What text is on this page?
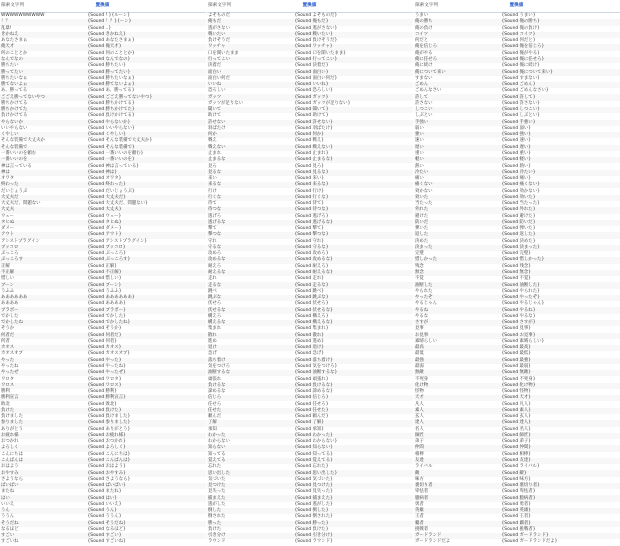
探索文字列	置換値
WWWWWWWWWW	{Sound ! }{ルーン}
！？	{Sound ！？}{ーン}
乱暴!	{Sound ..}
きかねえ	{Sound きかねえ}
あなたさまぁ	{Sound あなたさまぁ}
俺天才	{Sound 俺天才}
何のこととか	{Sound 何のこととか}
なんでなの	{Sound なんでなの}
勝ちたい	{Sound 勝ちたい}
勝ってたい	{Sound 勝ってたい}
勝ちたいなぁ	{Sound 勝ちたいなぁ}
勝てないよぉ	{Sound 勝てないよぉ}
あ、勝ってる	{Sound あ、勝ってる}
ごごえ勝ってないやつ	{Sound ごごえ勝ってないやつ}
勝ちかけてる	{Sound 勝ちかけてる}
勝ちかけてた	{Sound 勝ちかけてた}
負けかけてる	{Sound 負けかけてる}
やらないか	{Sound やらないか}
いいやらない	{Sound いいやらない}
くやしい	{Sound くやしい}
そんな装備で大丈夫か	{Sound そんな装備で大丈夫か}
そんな装備で	{Sound そんな装備で}
一番いいのを頼む	{Sound 一番いいのを頼む}
一番いいのを	{Sound 一番いいのを}
神は言っている	{Sound 神は言っている}
神は	{Sound 神は}
オワタ	{Sound オワタ}
終わった	{Sound 終わった}
だいじょうぶ	{Sound だいじょうぶ}
大丈夫だ	{Sound 大丈夫だ}
大丈夫だ、問題ない	{Sound 大丈夫だ、問題ない}
大丈夫	{Sound 大丈夫}
ウェー	{Sound ウェー}
タヒぬ	{Sound タヒぬ}
ダメー	{Sound ダメー}
アウト	{Sound アウト}
アシストプラグイン	{Sound アシストプラグイン}
ブッコロ	{Sound ブッコロ}
ぶっころ	{Sound ぶっころ}
ぶっころす	{Sound ぶっころす}
正解	{Sound 正解}
不正解	{Sound 不正解}
惜しい	{Sound 惜しい}
ブーン	{Sound ブーン}
うふふ	{Sound うふふ}
ああああああ	{Sound ああああああ}
ああああ	{Sound ああああ}
ブラボー	{Sound ブラボー}
でかした	{Sound でかした}
でかしたね	{Sound でかしたね}
そうか	{Sound そうか}
何者だ	{Sound 何者だ}
何者	{Sound 何者}
カオス	{Sound カオス}
カオスオブ	{Sound カオスオブ}
やった	{Sound やった}
やったね	{Sound やったね}
やったぜ	{Sound やったぜ}
ワロタ	{Sound ワロタ}
ワロス	{Sound ワロス}
勝利	{Sound 勝利}
勝利宣言	{Sound 勝利宣言}
敗北	{Sound 敗北}
負けた	{Sound 負けた}
負けました	{Sound 負けました}
参りました	{Sound 参りました}
ありがとう	{Sound ありがとう}
お疲れ様	{Sound お疲れ様}
おつかれ	{Sound おつかれ}
よろしく	{Sound よろしく}
こんにちは	{Sound こんにちは}
こんばんは	{Sound こんばんは}
おはよう	{Sound おはよう}
おやすみ	{Sound おやすみ}
さようなら	{Sound さようなら}
ばいばい	{Sound ばいばい}
またね	{Sound またね}
はい	{Sound はい}
いいえ	{Sound いいえ}
うん	{Sound うん}
ううん	{Sound ううん}
そうだね	{Sound そうだね}
なるほど	{Sound なるほど}
すごい	{Sound すごい}
すごいね	{Sound すごいね}
探索文字列	置換値
よそものだ	{Sound よそものだ}
俺もだ	{Sound 俺もだ}
逃がさない	{Sound 逃がさない}
戦いたい	{Sound 戦いたい}
負けそうだ	{Sound 負けそうだ}
ワッチャ	{Sound ワッチャ}
口を開いたまま	{Sound 口を開いたまま}
行ってこい	{Sound 行ってこい}
決着だ	{Sound 決着だ}
面白い	{Sound 面白い}
面白い何だ	{Sound 面白い何だ}
いいね	{Sound いいね}
恐ろしい	{Sound 恐ろしい}
ガッツ	{Sound ガッツ}
ガッツが足りない	{Sound ガッツが足りない}
聞いて	{Sound 聞いて}
助けて	{Sound 助けて}
許せない	{Sound 許せない}
羽ばたけ	{Sound 羽ばたけ}
何か	{Sound 何か}
戦え	{Sound 戦え}
戦えない	{Sound 戦えない}
止まれ	{Sound 止まれ}
止まるな	{Sound 止まるな}
見ろ	{Sound 見ろ}
見るな	{Sound 見るな}
来い	{Sound 来い}
来るな	{Sound 来るな}
行け	{Sound 行け}
行くな	{Sound 行くな}
待て	{Sound 待て}
待つな	{Sound 待つな}
逃げろ	{Sound 逃げろ}
逃げるな	{Sound 逃げるな}
撃て	{Sound 撃て}
撃つな	{Sound 撃つな}
守れ	{Sound 守れ}
守るな	{Sound 守るな}
攻めろ	{Sound 攻めろ}
攻めるな	{Sound 攻めるな}
耐えろ	{Sound 耐えろ}
耐えるな	{Sound 耐えるな}
走れ	{Sound 走れ}
走るな	{Sound 走るな}
跳べ	{Sound 跳べ}
跳ぶな	{Sound 跳ぶな}
伏せろ	{Sound 伏せろ}
伏せるな	{Sound 伏せるな}
構えろ	{Sound 構えろ}
構えるな	{Sound 構えるな}
集まれ	{Sound 集まれ}
散れ	{Sound 散れ}
進め	{Sound 進め}
退け	{Sound 退け}
急げ	{Sound 急げ}
落ち着け	{Sound 落ち着け}
気をつけろ	{Sound 気をつけろ}
油断するな	{Sound 油断するな}
頑張れ	{Sound 頑張れ}
負けるな	{Sound 負けるな}
諦めるな	{Sound 諦めるな}
信じろ	{Sound 信じろ}
任せろ	{Sound 任せろ}
任せた	{Sound 任せた}
頼んだ	{Sound 頼んだ}
了解	{Sound 了解}
承知	{Sound 承知}
わかった	{Sound わかった}
わからない	{Sound わからない}
知らない	{Sound 知らない}
知ってる	{Sound 知ってる}
覚えてる	{Sound 覚えてる}
忘れた	{Sound 忘れた}
思い出した	{Sound 思い出した}
気づいた	{Sound 気づいた}
見つけた	{Sound 見つけた}
見失った	{Sound 見失った}
捕まえた	{Sound 捕まえた}
逃がした	{Sound 逃がした}
倒した	{Sound 倒した}
倒された	{Sound 倒された}
勝った	{Sound 勝った}
負けた	{Sound 負けた}
引き分け	{Sound 引き分け}
ラウンド	{Sound ラウンド}
探索文字列	置換値
うまい	{Sound うまい}
俺の勝ち	{Sound 俺の勝ち}
俺の負け	{Sound 俺の負け}
コイツ	{Sound コイツ}
何だと	{Sound 何だと}
俺を信じろ	{Sound 俺を信じろ}
俺がやる	{Sound 俺がやる}
俺に任せろ	{Sound 俺に任せろ}
俺に続け	{Sound 俺に続け}
俺について来い	{Sound 俺について来い}
すまない	{Sound すまない}
ごめん	{Sound ごめん}
ごめんなさい	{Sound ごめんなさい}
許して	{Sound 許して}
許さない	{Sound 許さない}
しつこい	{Sound しつこい}
しぶとい	{Sound しぶとい}
手強い	{Sound 手強い}
弱い	{Sound 弱い}
強い	{Sound 強い}
速い	{Sound 速い}
遅い	{Sound 遅い}
重い	{Sound 重い}
軽い	{Sound 軽い}
熱い	{Sound 熱い}
冷たい	{Sound 冷たい}
痛い	{Sound 痛い}
痛くない	{Sound 痛くない}
効かない	{Sound 効かない}
効いた	{Sound 効いた}
当たった	{Sound 当たった}
外れた	{Sound 外れた}
避けた	{Sound 避けた}
防いだ	{Sound 防いだ}
弾いた	{Sound 弾いた}
返した	{Sound 返した}
決めた	{Sound 決めた}
決まった	{Sound 決まった}
完璧	{Sound 完璧}
惜しかった	{Sound 惜しかった}
残念	{Sound 残念}
無念	{Sound 無念}
不覚	{Sound 不覚}
油断した	{Sound 油断した}
やられた	{Sound やられた}
やったぞ	{Sound やったぞ}
やるじゃん	{Sound やるじゃん}
やるね	{Sound やるね}
やるな	{Sound やるな}
さすが	{Sound さすが}
見事	{Sound 見事}
お見事	{Sound お見事}
素晴らしい	{Sound 素晴らしい}
最高	{Sound 最高}
最低	{Sound 最低}
最強	{Sound 最強}
最弱	{Sound 最弱}
無敵	{Sound 無敵}
不死身	{Sound 不死身}
化け物	{Sound 化け物}
怪物	{Sound 怪物}
天才	{Sound 天才}
凡人	{Sound 凡人}
素人	{Sound 素人}
玄人	{Sound 玄人}
達人	{Sound 達人}
名人	{Sound 名人}
師匠	{Sound 師匠}
弟子	{Sound 弟子}
仲間	{Sound 仲間}
相棒	{Sound 相棒}
友達	{Sound 友達}
ライバル	{Sound ライバル}
敵	{Sound 敵}
味方	{Sound 味方}
裏切り者	{Sound 裏切り者}
卑怯者	{Sound 卑怯者}
臆病者	{Sound 臆病者}
勇者	{Sound 勇者}
英雄	{Sound 英雄}
王者	{Sound 王者}
覇者	{Sound 覇者}
挑戦者	{Sound 挑戦者}
ガードランド	{Sound ガードランド}
ガードランドだよ	{Sound ガードランドだよ}
